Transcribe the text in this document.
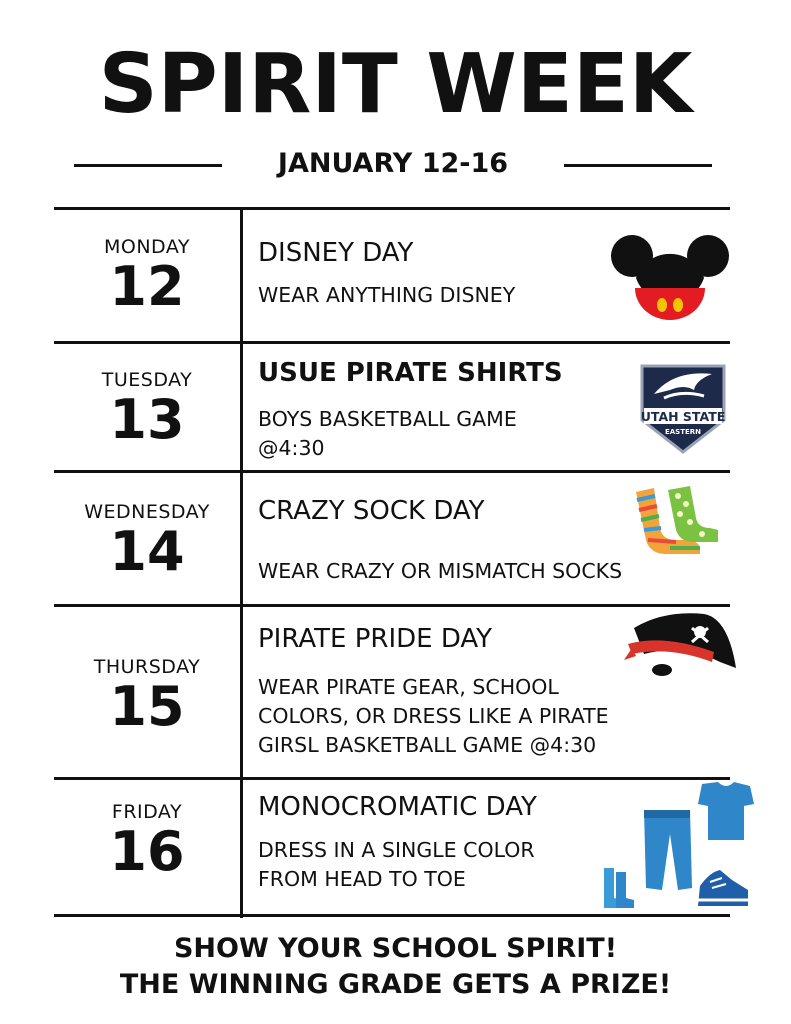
SPIRIT WEEK
JANUARY 12-16
MONDAY
12
DISNEY DAY
WEAR ANYTHING DISNEY
TUESDAY
13
USUE PIRATE SHIRTS
BOYS BASKETBALL GAME
@4:30
UTAH STATE
EASTERN
WEDNESDAY
14
CRAZY SOCK DAY
WEAR CRAZY OR MISMATCH SOCKS
THURSDAY
15
PIRATE PRIDE DAY
WEAR PIRATE GEAR, SCHOOL
COLORS, OR DRESS LIKE A PIRATE
GIRSL BASKETBALL GAME @4:30
FRIDAY
16
MONOCROMATIC DAY
DRESS IN A SINGLE COLOR
FROM HEAD TO TOE
SHOW YOUR SCHOOL SPIRIT!
THE WINNING GRADE GETS A PRIZE!
